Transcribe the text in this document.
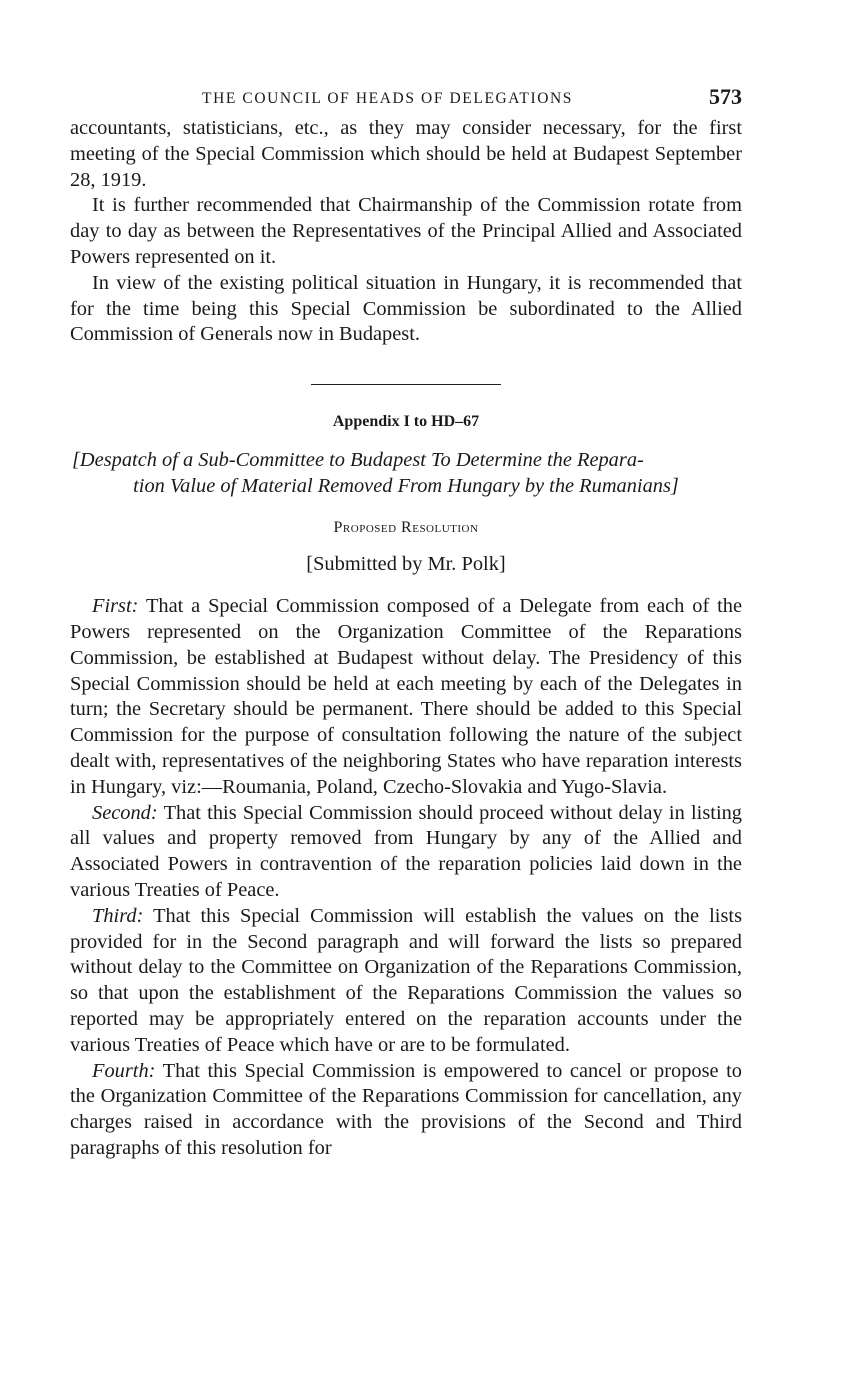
THE COUNCIL OF HEADS OF DELEGATIONS	573

accountants, statisticians, etc., as they may consider necessary, for the first meeting of the Special Commission which should be held at Budapest September 28, 1919.

It is further recommended that Chairmanship of the Commission rotate from day to day as between the Representatives of the Principal Allied and Associated Powers represented on it.

In view of the existing political situation in Hungary, it is recommended that for the time being this Special Commission be subordinated to the Allied Commission of Generals now in Budapest.

Appendix I to HD–67
[Despatch of a Sub-Committee to Budapest To Determine the Repara-
tion Value of Material Removed From Hungary by the Rumanians]
Proposed Resolution
[Submitted by Mr. Polk]

First: That a Special Commission composed of a Delegate from each of the Powers represented on the Organization Committee of the Reparations Commission, be established at Budapest without delay. The Presidency of this Special Commission should be held at each meeting by each of the Delegates in turn; the Secretary should be permanent. There should be added to this Special Commission for the purpose of consultation following the nature of the subject dealt with, representatives of the neighboring States who have reparation interests in Hungary, viz:—Roumania, Poland, Czecho-Slovakia and Yugo-Slavia.

Second: That this Special Commission should proceed without delay in listing all values and property removed from Hungary by any of the Allied and Associated Powers in contravention of the reparation policies laid down in the various Treaties of Peace.

Third: That this Special Commission will establish the values on the lists provided for in the Second paragraph and will forward the lists so prepared without delay to the Committee on Organization of the Reparations Commission, so that upon the establishment of the Reparations Commission the values so reported may be appropriately entered on the reparation accounts under the various Treaties of Peace which have or are to be formulated.

Fourth: That this Special Commission is empowered to cancel or propose to the Organization Committee of the Reparations Commission for cancellation, any charges raised in accordance with the provisions of the Second and Third paragraphs of this resolution for
